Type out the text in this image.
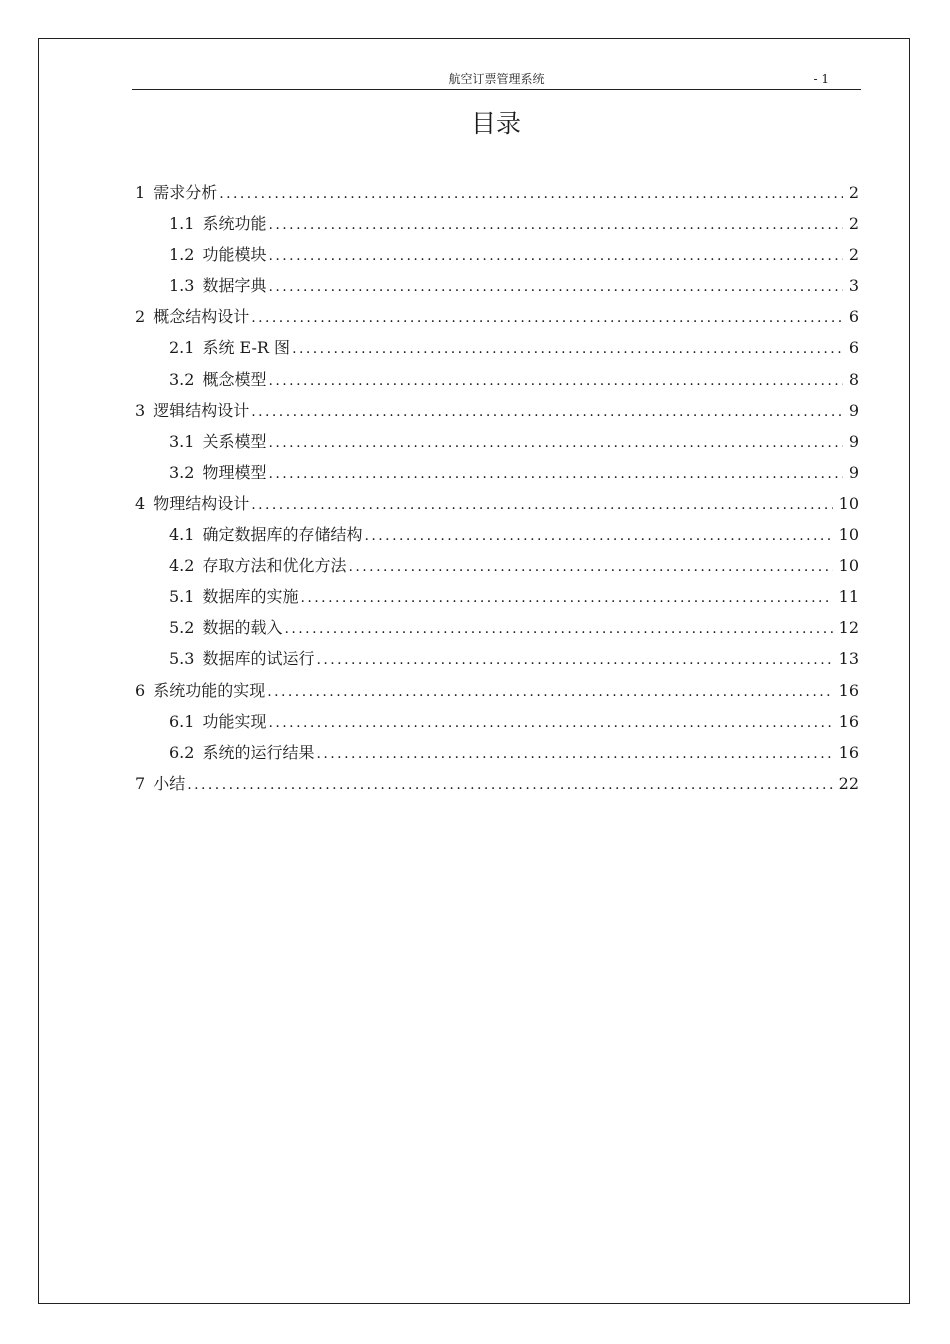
航空订票管理系统	- 1
目录
1 需求分析 . . .	2
1.1 系统功能 . . .	2
1.2 功能模块 . . .	2
1.3 数据字典 . . .	3
2 概念结构设计 . . .	6
2.1 系统 E-R 图 . . .	6
3.2 概念模型 . . .	8
3 逻辑结构设计 . . .	9
3.1 关系模型 . . .	9
3.2 物理模型 . . .	9
4 物理结构设计 . . .	10
4.1 确定数据库的存储结构 . . .	10
4.2 存取方法和优化方法 . . .	10
5.1 数据库的实施 . . .	11
5.2 数据的载入 . . .	12
5.3 数据库的试运行 . . .	13
6 系统功能的实现 . . .	16
6.1 功能实现 . . .	16
6.2 系统的运行结果 . . .	16
7 小结 . . .	22
